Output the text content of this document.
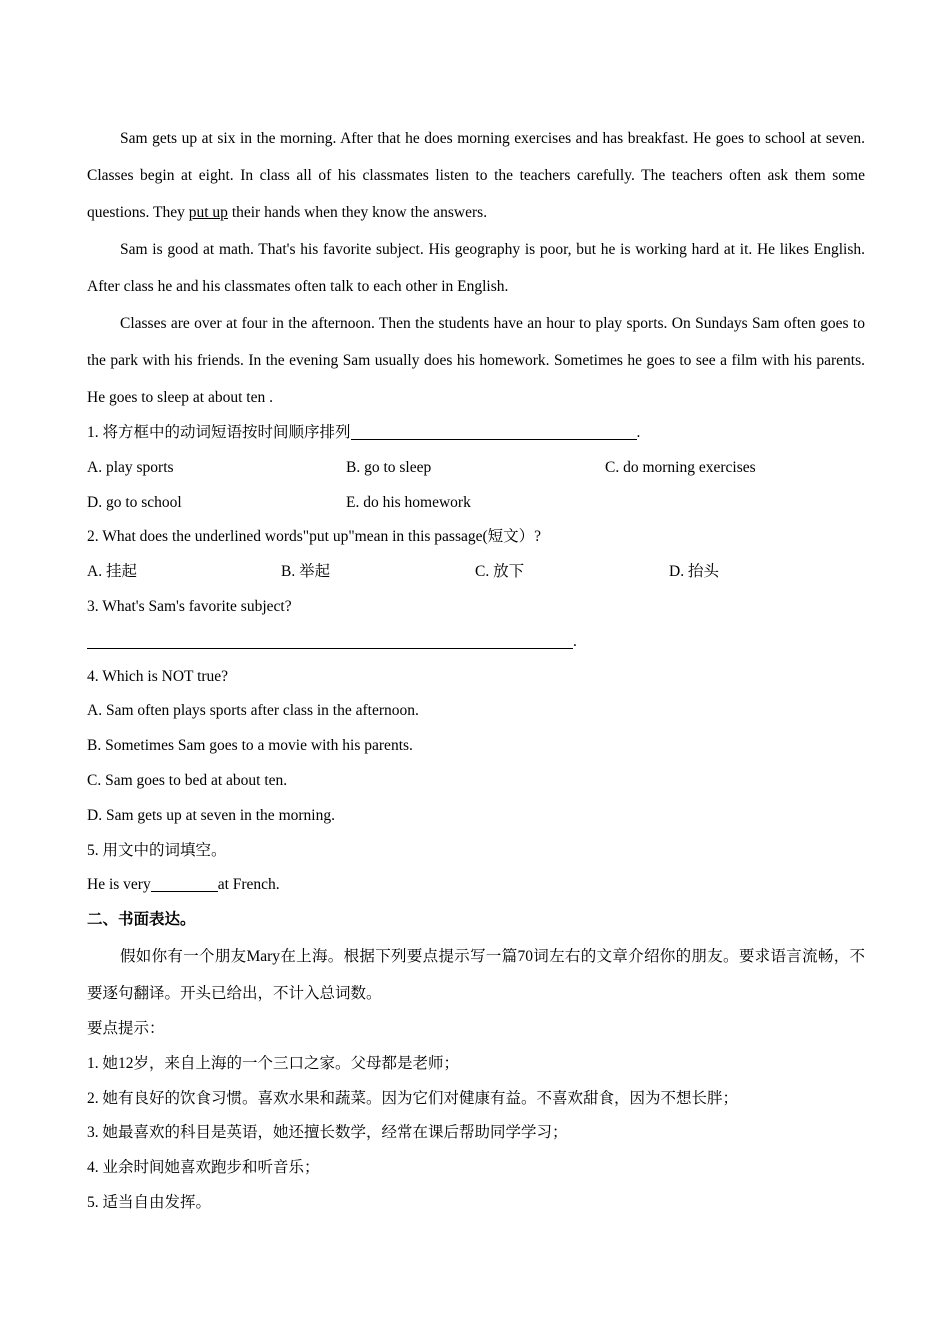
Sam gets up at six in the morning. After that he does morning exercises and has breakfast. He goes to school at seven. Classes begin at eight. In class all of his classmates listen to the teachers carefully. The teachers often ask them some questions. They put up their hands when they know the answers.

Sam is good at math. That's his favorite subject. His geography is poor, but he is working hard at it. He likes English. After class he and his classmates often talk to each other in English.

Classes are over at four in the afternoon. Then the students have an hour to play sports. On Sundays Sam often goes to the park with his friends. In the evening Sam usually does his homework. Sometimes he goes to see a film with his parents. He goes to sleep at about ten .

1. 将方框中的动词短语按时间顺序排列	.

A. play sports	B. go to sleep	C. do morning exercises

D. go to school	E. do his homework

2. What does the underlined words"put up"mean in this passage(短文）?

A. 挂起	B. 举起	C. 放下	D. 抬头

3. What's Sam's favorite subject?

.

4. Which is NOT true?

A. Sam often plays sports after class in the afternoon.

B. Sometimes Sam goes to a movie with his parents.

C. Sam goes to bed at about ten.

D. Sam gets up at seven in the morning.

5. 用文中的词填空。

He is very	at French.

二、书面表达。

假如你有一个朋友Mary在上海。根据下列要点提示写一篇70词左右的文章介绍你的朋友。要求语言流畅，不要逐句翻译。开头已给出，不计入总词数。

要点提示：

1. 她12岁，来自上海的一个三口之家。父母都是老师；

2. 她有良好的饮食习惯。喜欢水果和蔬菜。因为它们对健康有益。不喜欢甜食，因为不想长胖；

3. 她最喜欢的科目是英语，她还擅长数学，经常在课后帮助同学学习；

4. 业余时间她喜欢跑步和听音乐；

5. 适当自由发挥。
